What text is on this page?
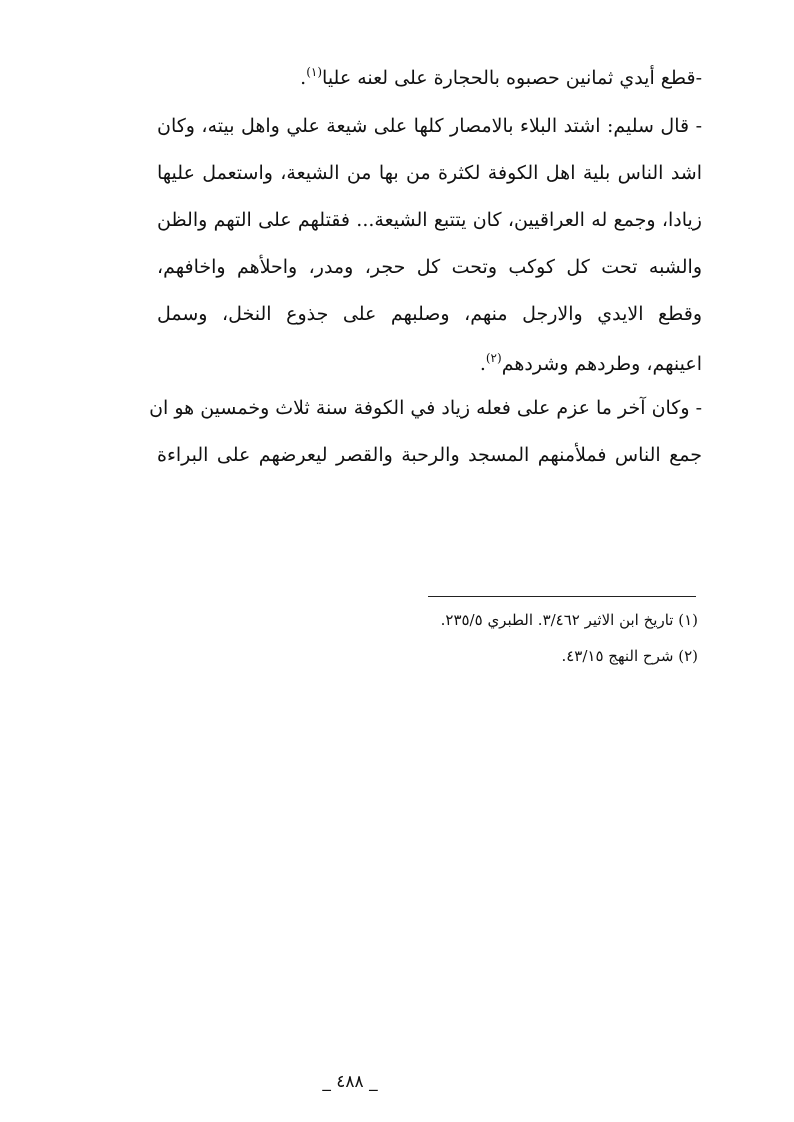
-قطع أيدي ثمانين حصبوه بالحجارة على لعنه عليا$^{(١)}$.
- قال سليم: اشتد البلاء بالامصار كلها على شيعة علي واهل بيته، وكان
اشد الناس بلية اهل الكوفة لكثرة من بها من الشيعة، واستعمل عليها
زيادا، وجمع له العراقيين، كان يتتبع الشيعة... فقتلهم على التهم والظن
والشبه تحت كل كوكب وتحت كل حجر، ومدر، واحلأهم واخافهم،
وقطع الايدي والارجل منهم، وصلبهم على جذوع النخل، وسمل
اعينهم، وطردهم وشردهم$^{(٢)}$.
- وكان آخر ما عزم على فعله زياد في الكوفة سنة ثلاث وخمسين هو ان
جمع الناس فملأمنهم المسجد والرحبة والقصر ليعرضهم على البراءة
(١) تاريخ ابن الاثير ٣/٤٦٢. الطبري ٢٣٥/٥.
(٢) شرح النهج ٤٣/١٥.
_ ٤٨٨ _
